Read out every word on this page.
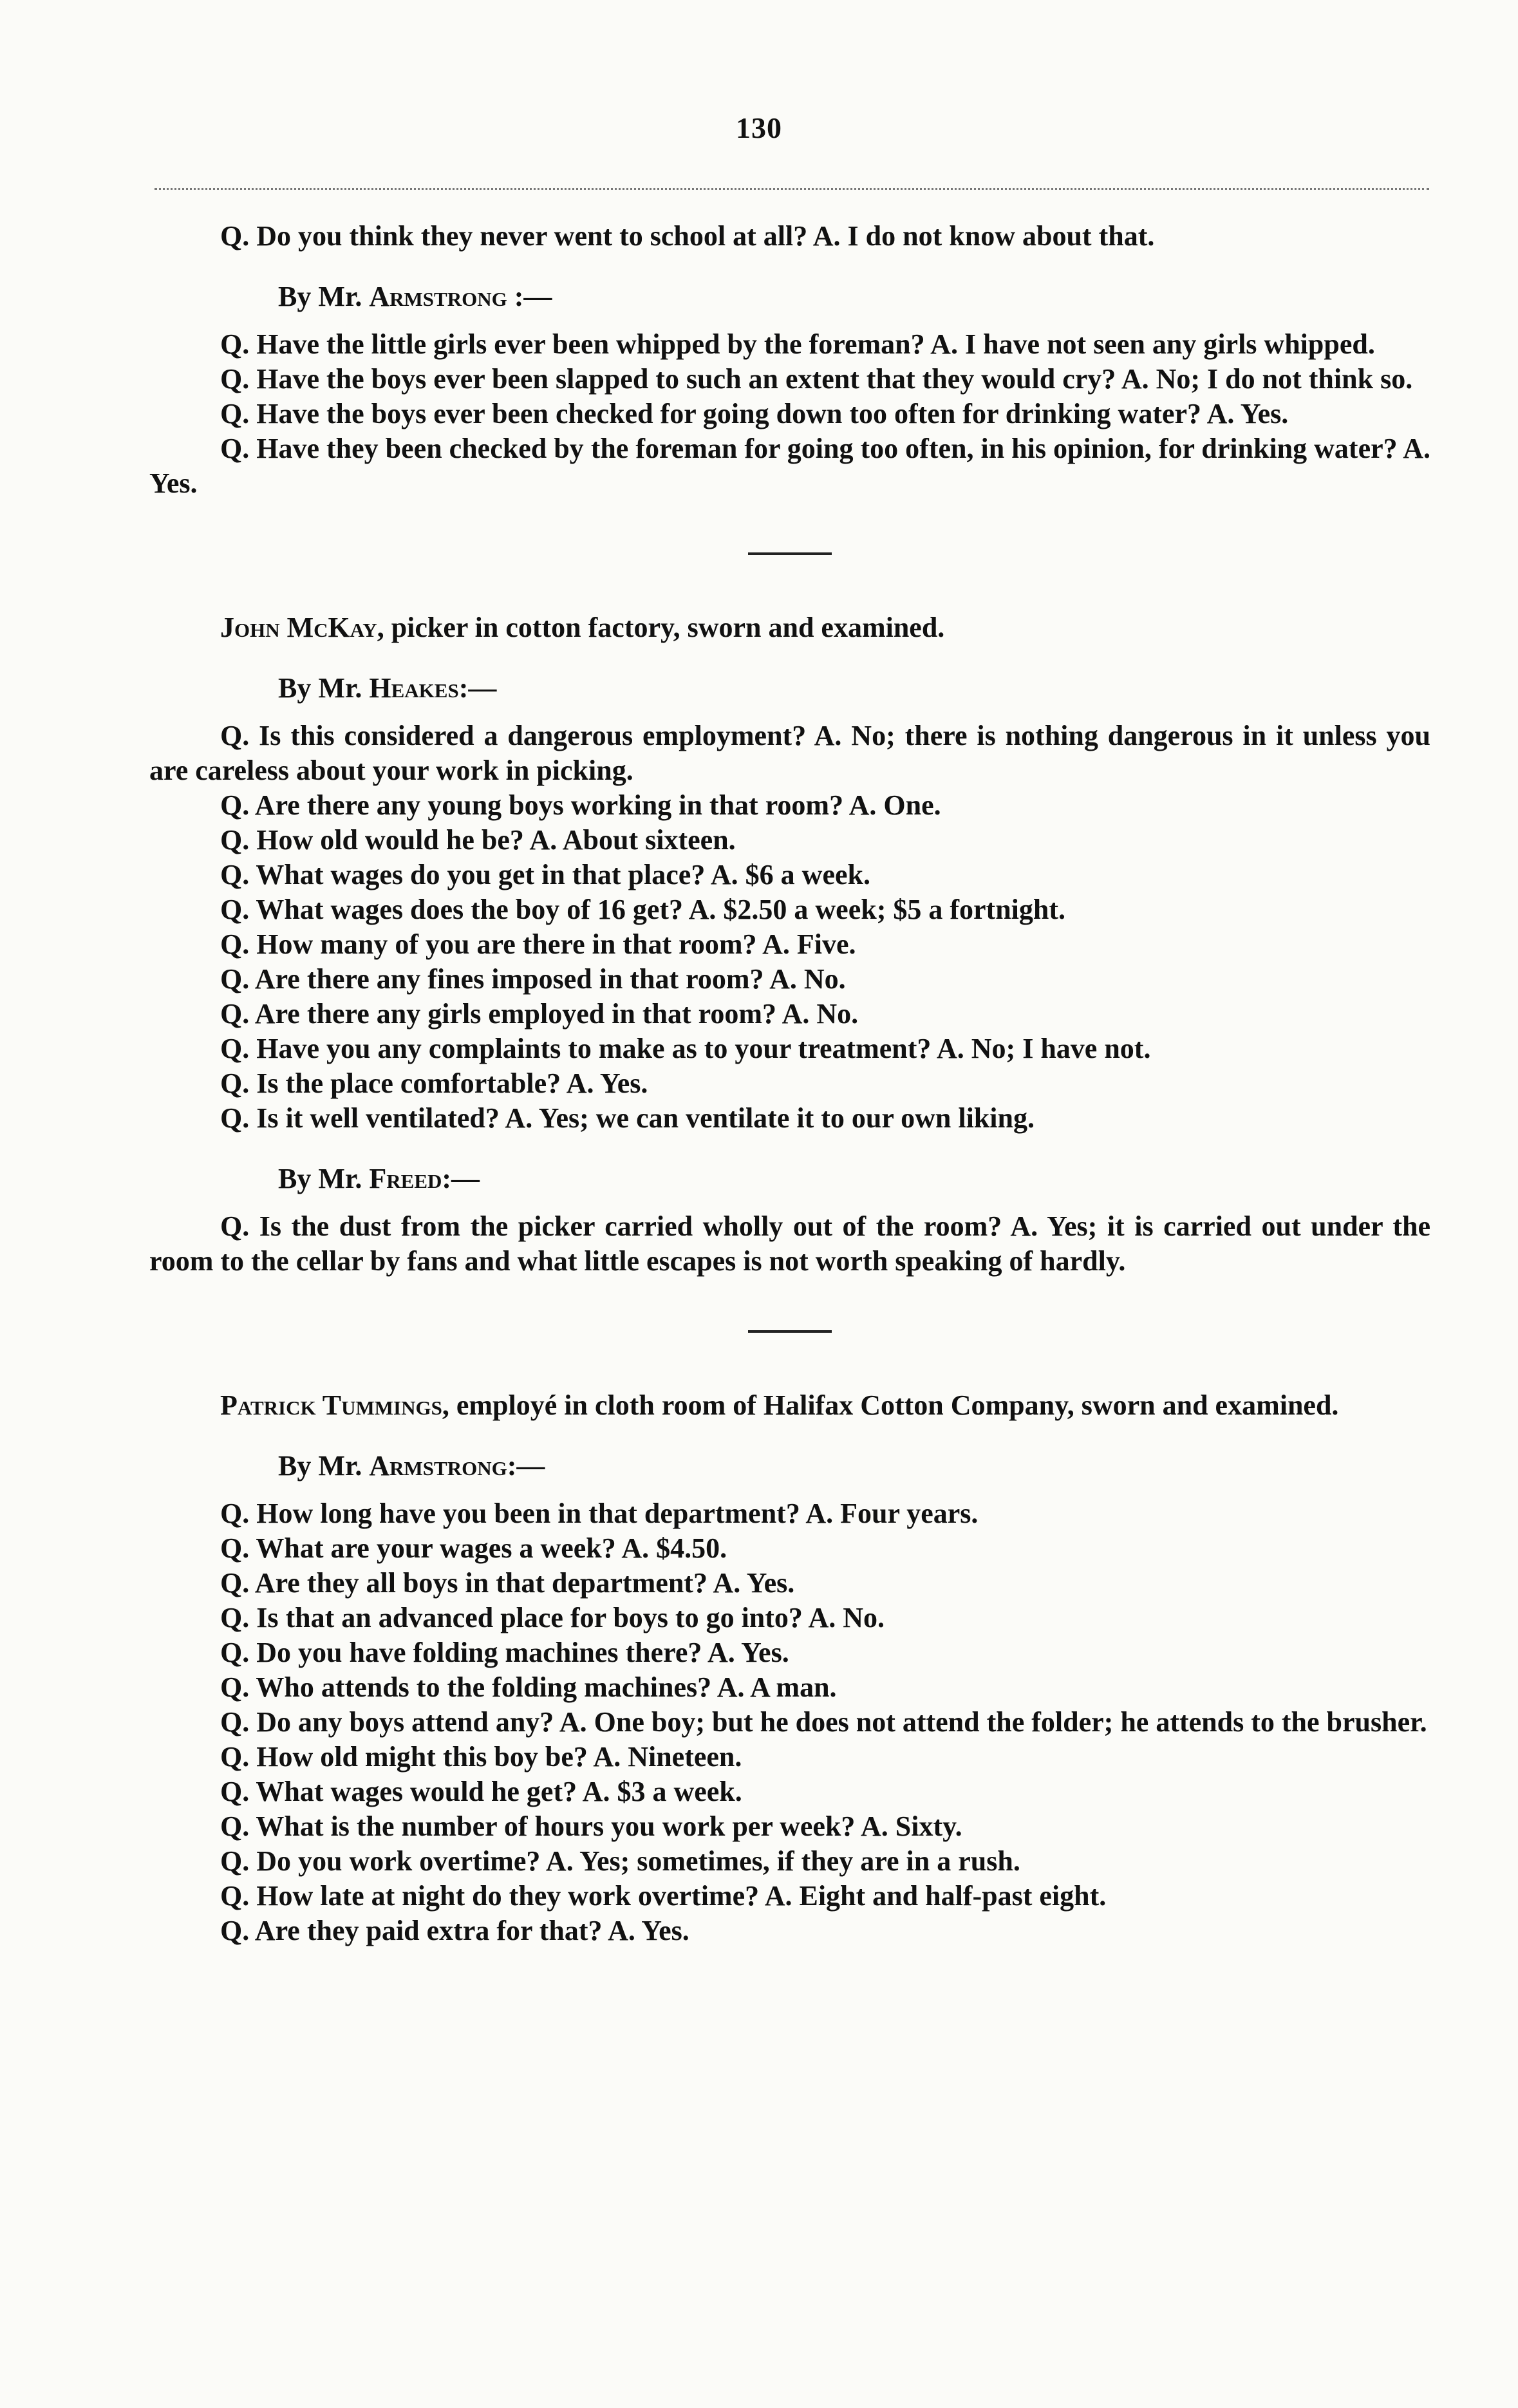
130

Q. Do you think they never went to school at all? A. I do not know about that.

By Mr. Armstrong :—

Q. Have the little girls ever been whipped by the foreman? A. I have not seen any girls whipped.

Q. Have the boys ever been slapped to such an extent that they would cry? A. No; I do not think so.

Q. Have the boys ever been checked for going down too often for drinking water? A. Yes.

Q. Have they been checked by the foreman for going too often, in his opinion, for drinking water? A. Yes.

John McKay, picker in cotton factory, sworn and examined.

By Mr. Heakes:—

Q. Is this considered a dangerous employment? A. No; there is nothing dangerous in it unless you are careless about your work in picking.

Q. Are there any young boys working in that room? A. One.

Q. How old would he be? A. About sixteen.

Q. What wages do you get in that place? A. $6 a week.

Q. What wages does the boy of 16 get? A. $2.50 a week; $5 a fortnight.

Q. How many of you are there in that room? A. Five.

Q. Are there any fines imposed in that room? A. No.

Q. Are there any girls employed in that room? A. No.

Q. Have you any complaints to make as to your treatment? A. No; I have not.

Q. Is the place comfortable? A. Yes.

Q. Is it well ventilated? A. Yes; we can ventilate it to our own liking.

By Mr. Freed:—

Q. Is the dust from the picker carried wholly out of the room? A. Yes; it is carried out under the room to the cellar by fans and what little escapes is not worth speaking of hardly.

Patrick Tummings, employé in cloth room of Halifax Cotton Company, sworn and examined.

By Mr. Armstrong:—

Q. How long have you been in that department? A. Four years.

Q. What are your wages a week? A. $4.50.

Q. Are they all boys in that department? A. Yes.

Q. Is that an advanced place for boys to go into? A. No.

Q. Do you have folding machines there? A. Yes.

Q. Who attends to the folding machines? A. A man.

Q. Do any boys attend any? A. One boy; but he does not attend the folder; he attends to the brusher.

Q. How old might this boy be? A. Nineteen.

Q. What wages would he get? A. $3 a week.

Q. What is the number of hours you work per week? A. Sixty.

Q. Do you work overtime? A. Yes; sometimes, if they are in a rush.

Q. How late at night do they work overtime? A. Eight and half-past eight.

Q. Are they paid extra for that? A. Yes.
